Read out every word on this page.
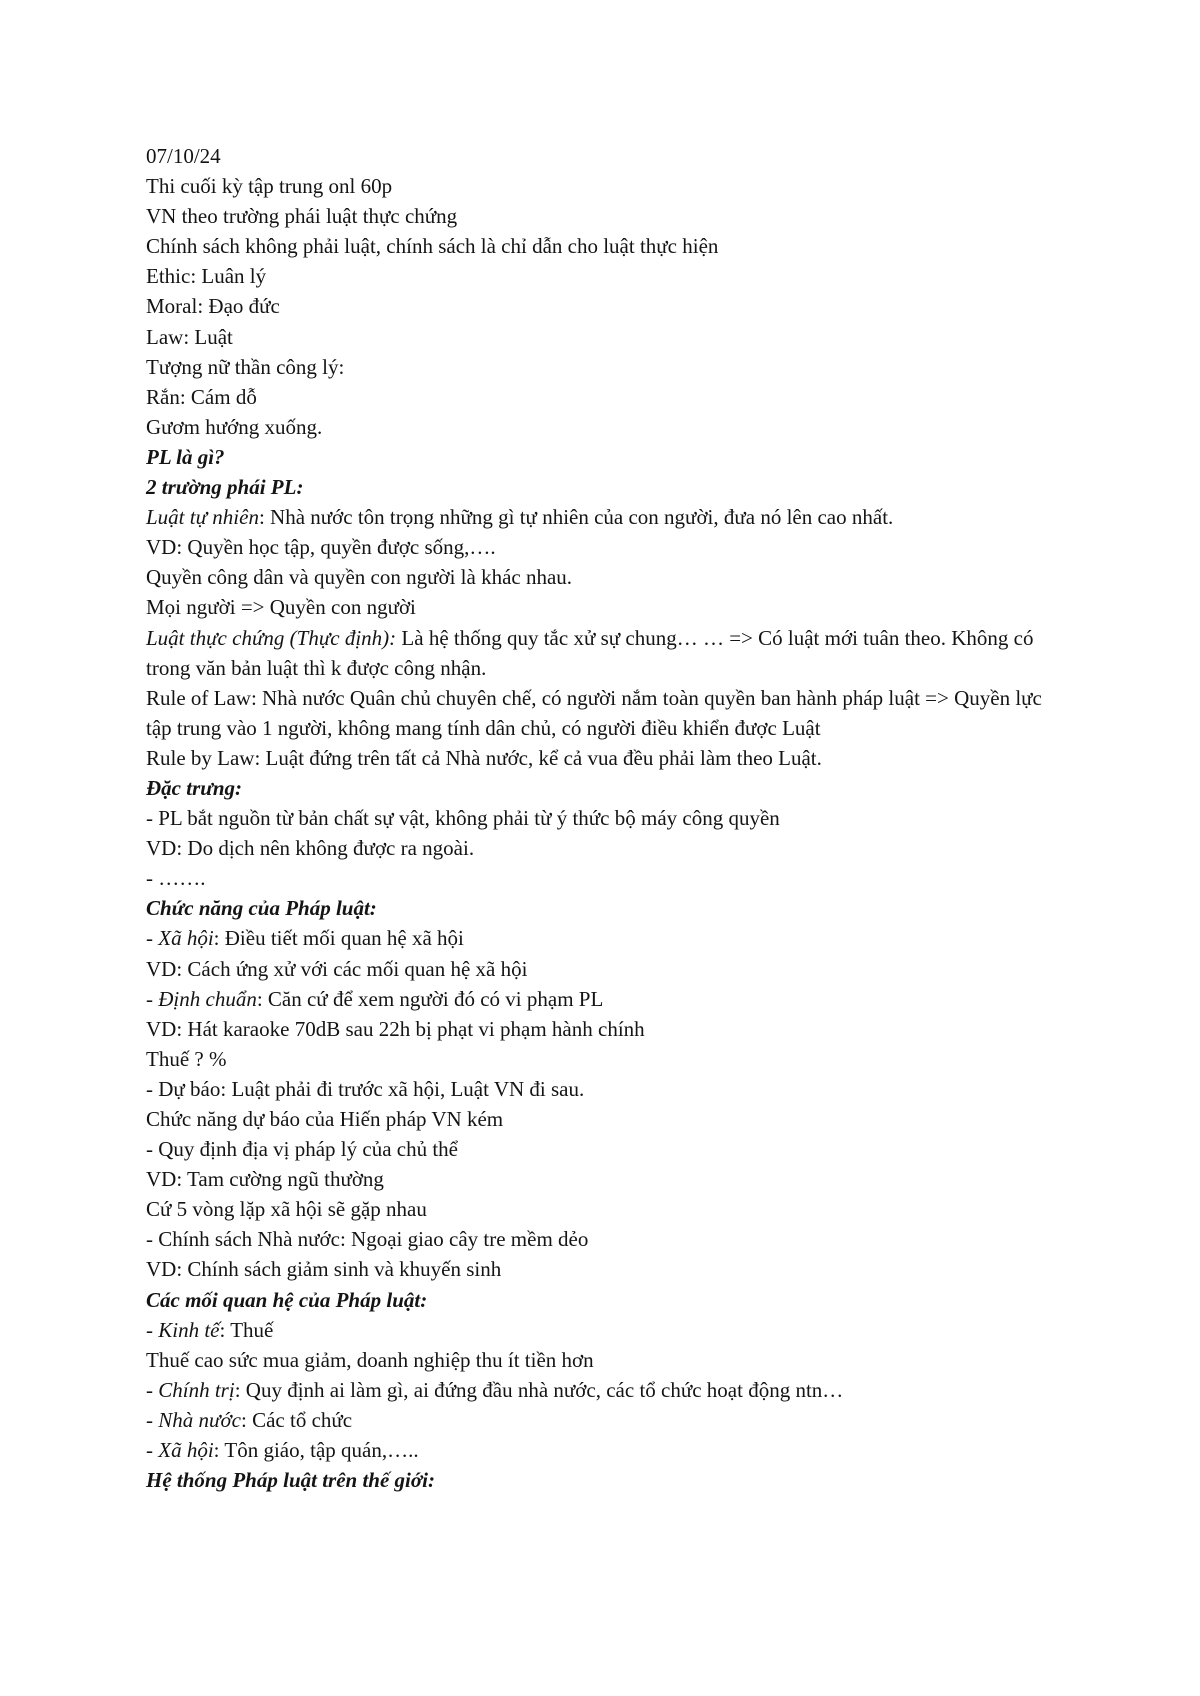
07/10/24
Thi cuối kỳ tập trung onl 60p
VN theo trường phái luật thực chứng
Chính sách không phải luật, chính sách là chỉ dẫn cho luật thực hiện
Ethic: Luân lý
Moral: Đạo đức
Law: Luật
Tượng nữ thần công lý:
Rắn: Cám dỗ
Gươm hướng xuống.
PL là gì?
2 trường phái PL:
Luật tự nhiên: Nhà nước tôn trọng những gì tự nhiên của con người, đưa nó lên cao nhất.
VD: Quyền học tập, quyền được sống,….
Quyền công dân và quyền con người là khác nhau.
Mọi người => Quyền con người
Luật thực chứng (Thực định): Là hệ thống quy tắc xử sự chung… … => Có luật mới tuân theo. Không có trong văn bản luật thì k được công nhận.
Rule of Law: Nhà nước Quân chủ chuyên chế, có người nắm toàn quyền ban hành pháp luật => Quyền lực tập trung vào 1 người, không mang tính dân chủ, có người điều khiển được Luật
Rule by Law: Luật đứng trên tất cả Nhà nước, kể cả vua đều phải làm theo Luật.
Đặc trưng:
- PL bắt nguồn từ bản chất sự vật, không phải từ ý thức bộ máy công quyền
VD: Do dịch nên không được ra ngoài.
- …….
Chức năng của Pháp luật:
- Xã hội: Điều tiết mối quan hệ xã hội
VD: Cách ứng xử với các mối quan hệ xã hội
- Định chuẩn: Căn cứ để xem người đó có vi phạm PL
VD: Hát karaoke 70dB sau 22h bị phạt vi phạm hành chính
Thuế ? %
- Dự báo: Luật phải đi trước xã hội, Luật VN đi sau.
Chức năng dự báo của Hiến pháp VN kém
- Quy định địa vị pháp lý của chủ thể
VD: Tam cường ngũ thường
Cứ 5 vòng lặp xã hội sẽ gặp nhau
- Chính sách Nhà nước: Ngoại giao cây tre mềm dẻo
VD: Chính sách giảm sinh và khuyến sinh
Các mối quan hệ của Pháp luật:
- Kinh tế: Thuế
Thuế cao sức mua giảm, doanh nghiệp thu ít tiền hơn
- Chính trị: Quy định ai làm gì, ai đứng đầu nhà nước, các tổ chức hoạt động ntn…
- Nhà nước: Các tổ chức
- Xã hội: Tôn giáo, tập quán,…..
Hệ thống Pháp luật trên thế giới:
